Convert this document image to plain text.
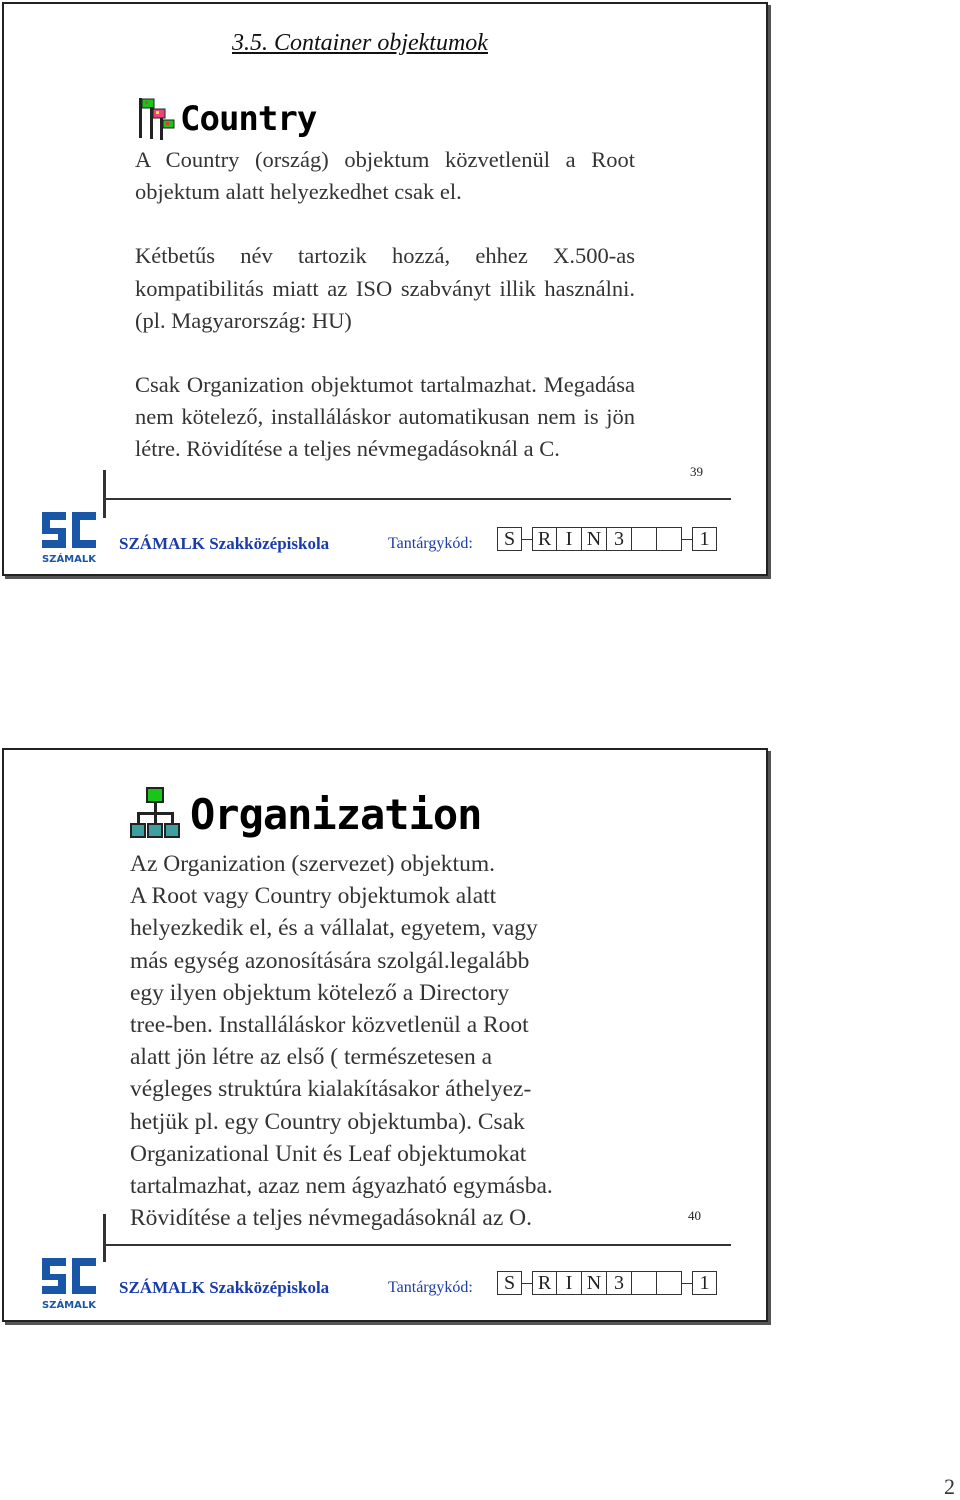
3.5. Container objektumok
Country

A Country (ország) objektum közvetlenül a Root objektum alatt helyezkedhet csak el.

Kétbetűs név tartozik hozzá, ehhez X.500-as kompatibilitás miatt az ISO szabványt illik használni. (pl. Magyarország: HU)

Csak Organization objektumot tartalmazhat. Megadása nem kötelező, installáláskor automatikusan nem is jön létre. Rövidítése a teljes névmegadásoknál a C.

39
SZÁMALK
SZÁMALK Szakközépiskola	Tantárgykód:	S	R I N 3	1
Organization

Az Organization (szervezet) objektum.

A Root vagy Country objektumok alatt

helyezkedik el, és a vállalat, egyetem, vagy

más egység azonosítására szolgál.legalább

egy ilyen objektum kötelező a Directory

tree-ben. Installáláskor közvetlenül a Root

alatt jön létre az első ( természetesen a

végleges struktúra kialakításakor áthelyez-

hetjük pl. egy Country objektumba). Csak

Organizational Unit és Leaf objektumokat

tartalmazhat, azaz nem ágyazható egymásba.

Rövidítése a teljes névmegadásoknál az O.	40
SZÁMALK
SZÁMALK Szakközépiskola	Tantárgykód:	S	R I N 3	1
2
